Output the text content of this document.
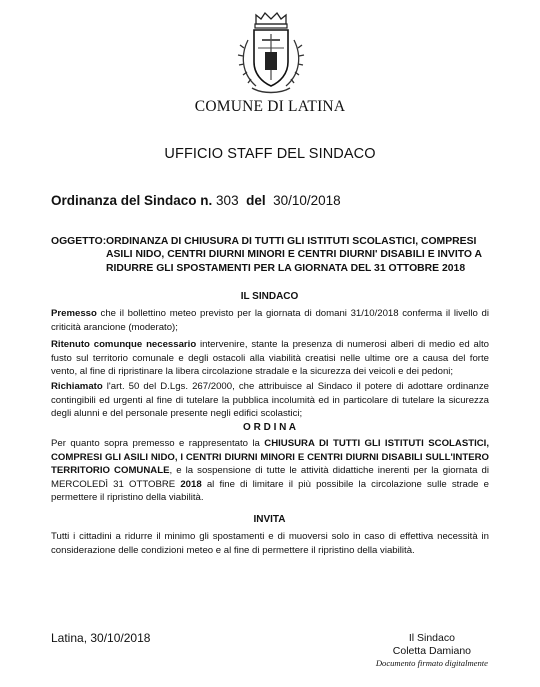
COMUNE DI LATINA
UFFICIO STAFF DEL SINDACO
Ordinanza del Sindaco n. 303 del 30/10/2018
OGGETTO: ORDINANZA DI CHIUSURA DI TUTTI GLI ISTITUTI SCOLASTICI, COMPRESI ASILI NIDO, CENTRI DIURNI MINORI E CENTRI DIURNI' DISABILI E INVITO A RIDURRE GLI SPOSTAMENTI PER LA GIORNATA DEL 31 OTTOBRE 2018
IL SINDACO
Premesso che il bollettino meteo previsto per la giornata di domani 31/10/2018 conferma il livello di criticità arancione (moderato);
Ritenuto comunque necessario intervenire, stante la presenza di numerosi alberi di medio ed alto fusto sul territorio comunale e degli ostacoli alla viabilità creatisi nelle ultime ore a causa del forte vento, al fine di ripristinare la libera circolazione stradale e la sicurezza dei veicoli e dei pedoni;
Richiamato l'art. 50 del D.Lgs. 267/2000, che attribuisce al Sindaco il potere di adottare ordinanze contingibili ed urgenti al fine di tutelare la pubblica incolumità ed in particolare di tutelare la sicurezza degli alunni e del personale presente negli edifici scolastici;
O R D I N A
Per quanto sopra premesso e rappresentato la CHIUSURA DI TUTTI GLI ISTITUTI SCOLASTICI, COMPRESI GLI ASILI NIDO, I CENTRI DIURNI MINORI E CENTRI DIURNI DISABILI SULL'INTERO TERRITORIO COMUNALE, e la sospensione di tutte le attività didattiche inerenti per la giornata di MERCOLEDÌ 31 OTTOBRE 2018 al fine di limitare il più possibile la circolazione sulle strade e permettere il ripristino della viabilità.
INVITA
Tutti i cittadini a ridurre il minimo gli spostamenti e di muoversi solo in caso di effettiva necessità in considerazione delle condizioni meteo e al fine di permettere il ripristino della viabilità.
Latina, 30/10/2018	Il Sindaco
Coletta Damiano
Documento firmato digitalmente
